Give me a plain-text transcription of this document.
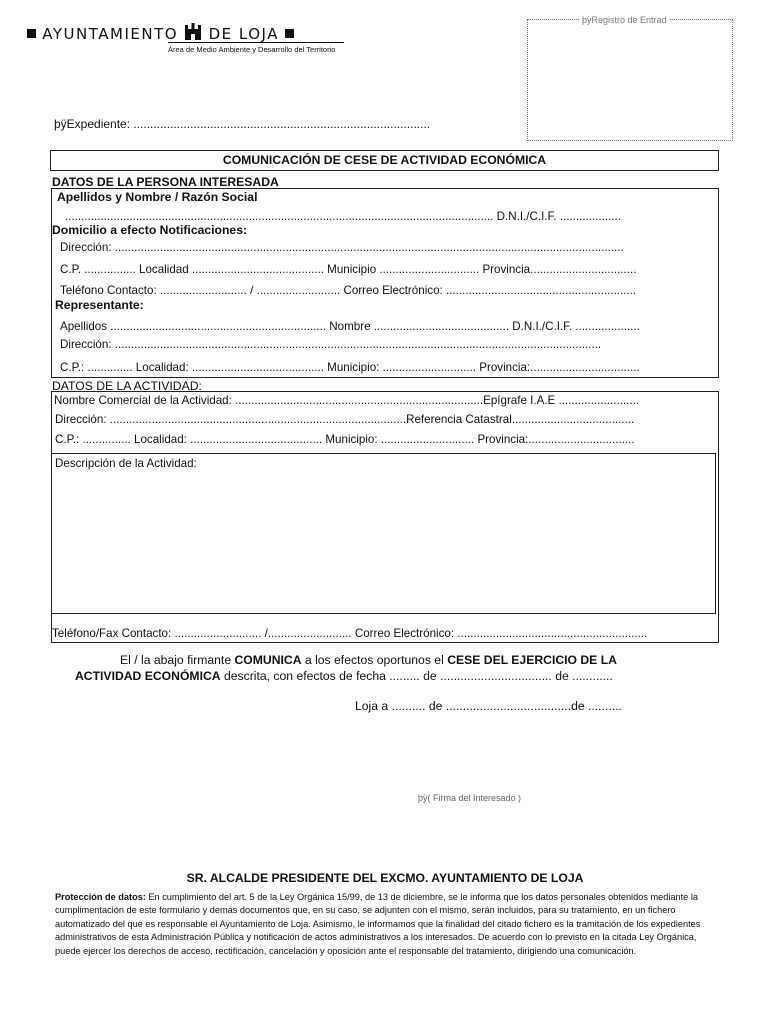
AYUNTAMIENTO DE LOJA
Área de Medio Ambiente y Desarrollo del Territorio
þÿRegistro de Entrad
þÿExpediente: .........................................................................................
COMUNICACIÓN DE CESE DE ACTIVIDAD ECONÓMICA
DATOS DE LA PERSONA INTERESADA
Apellidos y Nombre / Razón Social
..................................................................................................................................... D.N.I./C.I.F. ...................
Domicilio a efecto Notificaciones:
Dirección: ..............................................................................................................................................................
C.P. ................ Localidad ......................................... Municipio ............................... Provincia.................................
Teléfono Contacto: ........................... / .......................... Correo Electrónico: ...........................................................
Representante:
Apellidos ................................................................... Nombre .......................................... D.N.I./C.I.F. ....................
Dirección: .......................................................................................................................................................
C.P.: .............. Localidad: ......................................... Municipio: ............................. Provincia:..................................
DATOS DE LA ACTIVIDAD:
Nombre Comercial de la Actividad: .............................................................................Epígrafe I.A.E .........................
Dirección: ............................................................................................Referencia Catastral......................................
C.P.: ............... Localidad: ......................................... Municipio: ............................. Provincia:.................................
Descripción de la Actividad:
Teléfono/Fax Contacto: ........................... /.......................... Correo Electrónico: ...........................................................
El / la abajo firmante COMUNICA a los efectos oportunos el CESE DEL EJERCICIO DE LA
ACTIVIDAD ECONÓMICA descrita, con efectos de fecha ......... de ................................. de ............
Loja a .......... de .....................................de ..........
þÿ( Firma del Interesado )
SR. ALCALDE PRESIDENTE DEL EXCMO. AYUNTAMIENTO DE LOJA
Protección de datos: En cumplimiento del art. 5 de la Ley Orgánica 15/99, de 13 de diciembre, se le informa que los datos personales obtenidos mediante la cumplimentación de este formulario y demás documentos que, en su caso, se adjunten con el mismo, serán incluidos, para su tratamiento, en un fichero automatizado del que es responsable el Ayuntamiento de Loja. Asimismo, le informamos que la finalidad del citado fichero es la tramitación de los expedientes administrativos de esta Administración Pública y notificación de actos administrativos a los interesados. De acuerdo con lo previsto en la citada Ley Orgánica, puede ejercer los derechos de acceso, rectificación, cancelación y oposición ante el responsable del tratamiento, dirigiendo una comunicación.
